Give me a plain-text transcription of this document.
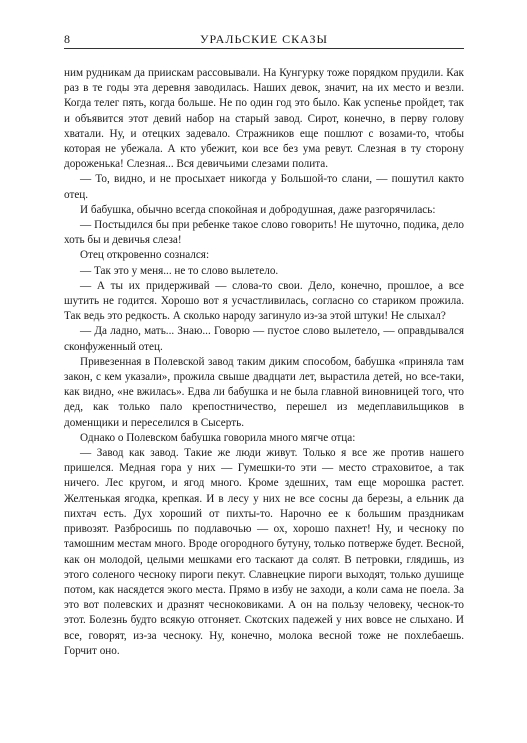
8	УРАЛЬСКИЕ СКАЗЫ

ним рудникам да приискам рассовывали. На Кунгурку тоже порядком прудили. Как раз в те годы эта деревня заводилась. Наших девок, значит, на их место и везли. Когда телег пять, когда больше. Не по один год это было. Как успенье пройдет, так и объявится этот девий набор на старый завод. Сирот, конечно, в перву голову хватали. Ну, и отецких задевало. Стражников еще пошлют с возами-то, чтобы которая не убежала. А кто убежит, кои все без ума ревут. Слезная в ту сторону дороженька! Слезная... Вся девичьими слезами полита.

— То, видно, и не просыхает никогда у Большой-то слани, — пошутил както отец.

И бабушка, обычно всегда спокойная и добродушная, даже разгорячилась:

— Постыдился бы при ребенке такое слово говорить! Не шуточно, подика, дело хоть бы и девичья слеза!

Отец откровенно сознался:

— Так это у меня... не то слово вылетело.

— А ты их придерживай — слова-то свои. Дело, конечно, прошлое, а все шутить не годится. Хорошо вот я усчастливилась, согласно со стариком прожила. Так ведь это редкость. А сколько народу загинуло из-за этой штуки! Не слыхал?

— Да ладно, мать... Знаю... Говорю — пустое слово вылетело, — оправдывался сконфуженный отец.

Привезенная в Полевской завод таким диким способом, бабушка «приняла там закон, с кем указали», прожила свыше двадцати лет, вырастила детей, но все-таки, как видно, «не вжилась». Едва ли бабушка и не была главной виновницей того, что дед, как только пало крепостничество, перешел из медеплавильщиков в доменщики и переселился в Сысерть.

Однако о Полевском бабушка говорила много мягче отца:

— Завод как завод. Такие же люди живут. Только я все же против нашего пришелся. Медная гора у них — Гумешки-то эти — место страховитое, а так ничего. Лес кругом, и ягод много. Кроме здешних, там еще морошка растет. Желтенькая ягодка, крепкая. И в лесу у них не все сосны да березы, а ельник да пихтач есть. Дух хороший от пихты-то. Нарочно ее к большим праздникам привозят. Разбросишь по подлавочью — ох, хорошо пахнет! Ну, и чесноку по тамошним местам много. Вроде огородного бутуну, только потверже будет. Весной, как он молодой, целыми мешками его таскают да солят. В петровки, глядишь, из этого соленого чесноку пироги пекут. Славнецкие пироги выходят, только душище потом, как насядется экого места. Прямо в избу не заходи, а коли сама не поела. За это вот полевских и дразнят чесноковиками. А он на пользу человеку, чеснок-то этот. Болезнь будто всякую отгоняет. Скотских падежей у них вовсе не слыхано. И все, говорят, из-за чесноку. Ну, конечно, молока весной тоже не похлебаешь. Горчит оно.
